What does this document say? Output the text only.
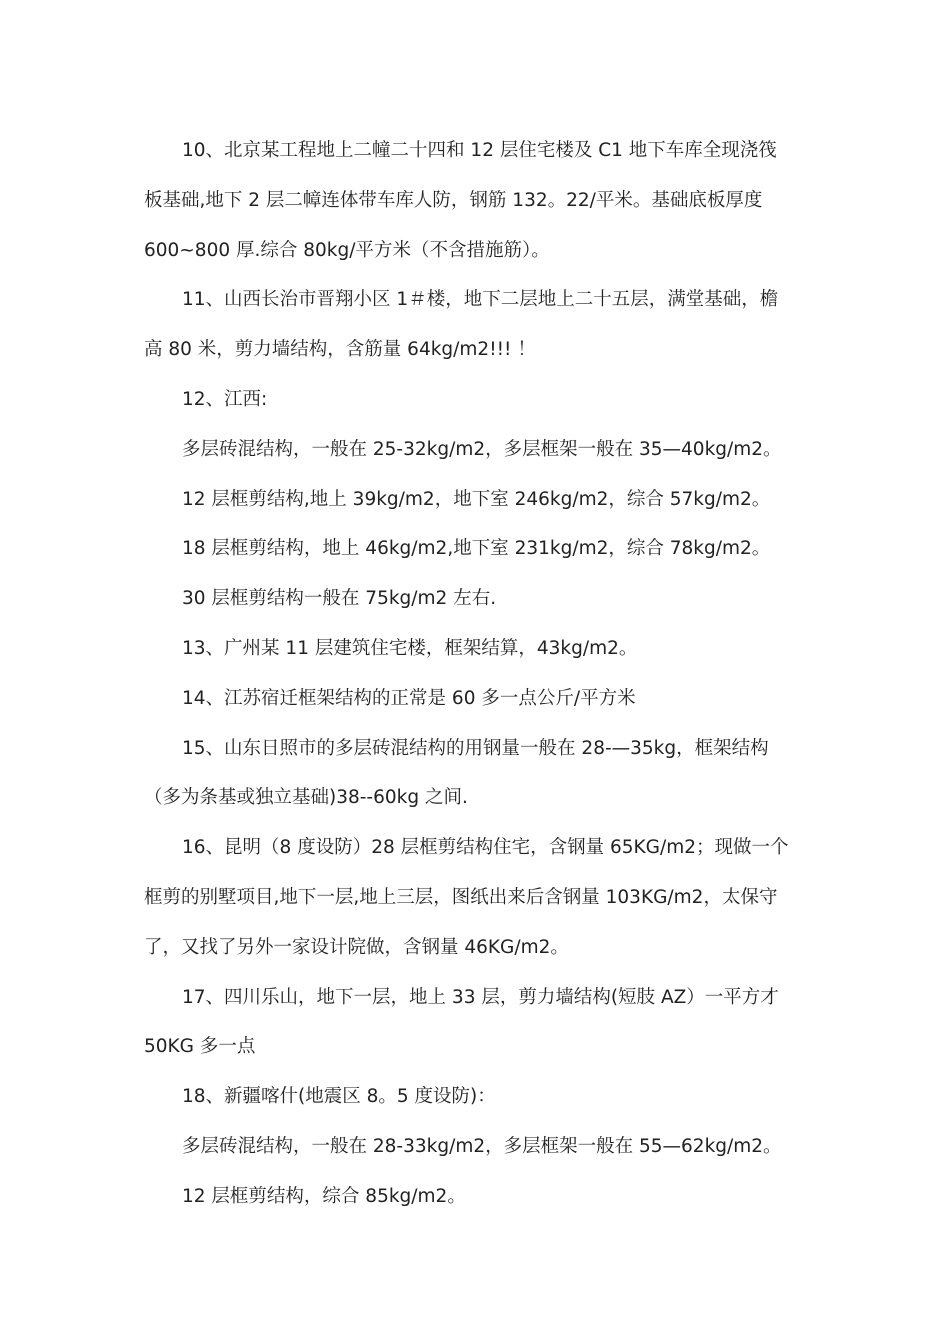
10、北京某工程地上二幢二十四和 12 层住宅楼及 C1 地下车库全现浇筏
板基础,地下 2 层二幛连体带车库人防，钢筋 132。22/平米。基础底板厚度
600~800 厚.综合 80kg/平方米（不含措施筋）。
11、山西长治市晋翔小区 1＃楼，地下二层地上二十五层，满堂基础，檐
高 80 米，剪力墙结构，含筋量 64kg/m2!!! ！
12、江西:
多层砖混结构，一般在 25-32kg/m2，多层框架一般在 35—40kg/m2。
12 层框剪结构,地上 39kg/m2，地下室 246kg/m2，综合 57kg/m2。
18 层框剪结构，地上 46kg/m2,地下室 231kg/m2，综合 78kg/m2。
30 层框剪结构一般在 75kg/m2 左右.
13、广州某 11 层建筑住宅楼，框架结算，43kg/m2。
14、江苏宿迁框架结构的正常是 60 多一点公斤/平方米
15、山东日照市的多层砖混结构的用钢量一般在 28-—35kg，框架结构
（多为条基或独立基础)38--60kg 之间.
16、昆明（8 度设防）28 层框剪结构住宅，含钢量 65KG/m2；现做一个
框剪的别墅项目,地下一层,地上三层，图纸出来后含钢量 103KG/m2，太保守
了，又找了另外一家设计院做，含钢量 46KG/m2。
17、四川乐山，地下一层，地上 33 层，剪力墙结构(短肢 AZ）一平方才
50KG 多一点
18、新疆喀什(地震区 8。5 度设防)：
多层砖混结构，一般在 28-33kg/m2，多层框架一般在 55—62kg/m2。
12 层框剪结构，综合 85kg/m2。
